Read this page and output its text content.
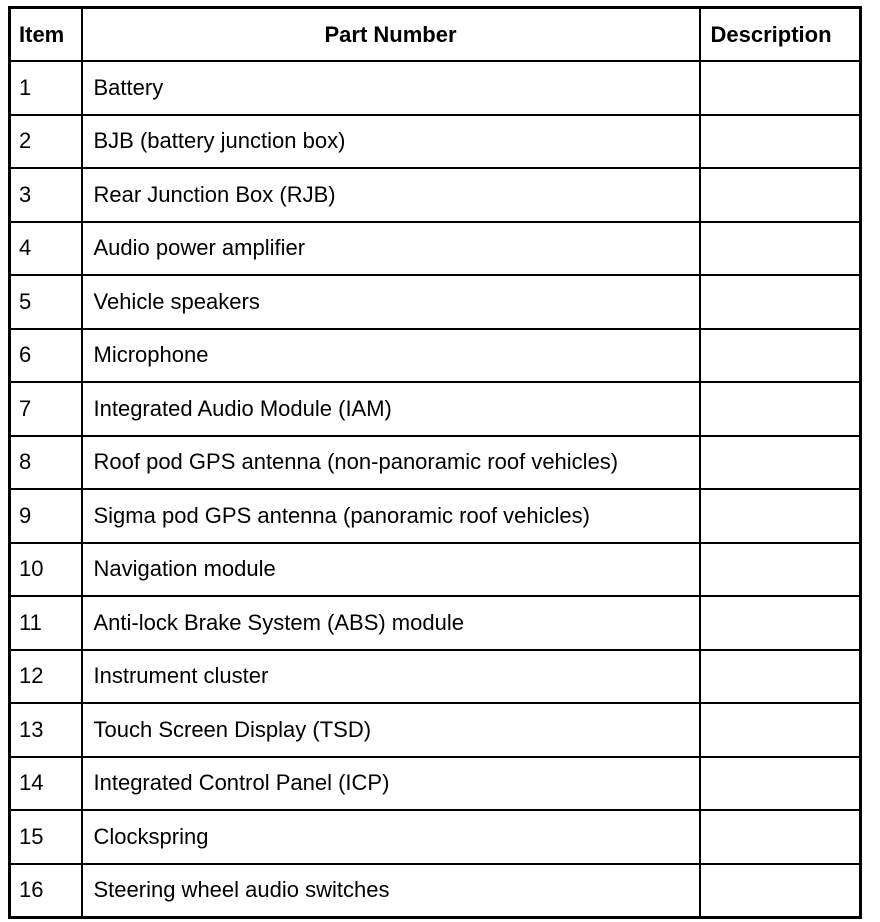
Item	Part Number	Description
1	Battery	
2	BJB (battery junction box)	
3	Rear Junction Box (RJB)	
4	Audio power amplifier	
5	Vehicle speakers	
6	Microphone	
7	Integrated Audio Module (IAM)	
8	Roof pod GPS antenna (non-panoramic roof vehicles)	
9	Sigma pod GPS antenna (panoramic roof vehicles)	
10	Navigation module	
11	Anti-lock Brake System (ABS) module	
12	Instrument cluster	
13	Touch Screen Display (TSD)	
14	Integrated Control Panel (ICP)	
15	Clockspring	
16	Steering wheel audio switches	
